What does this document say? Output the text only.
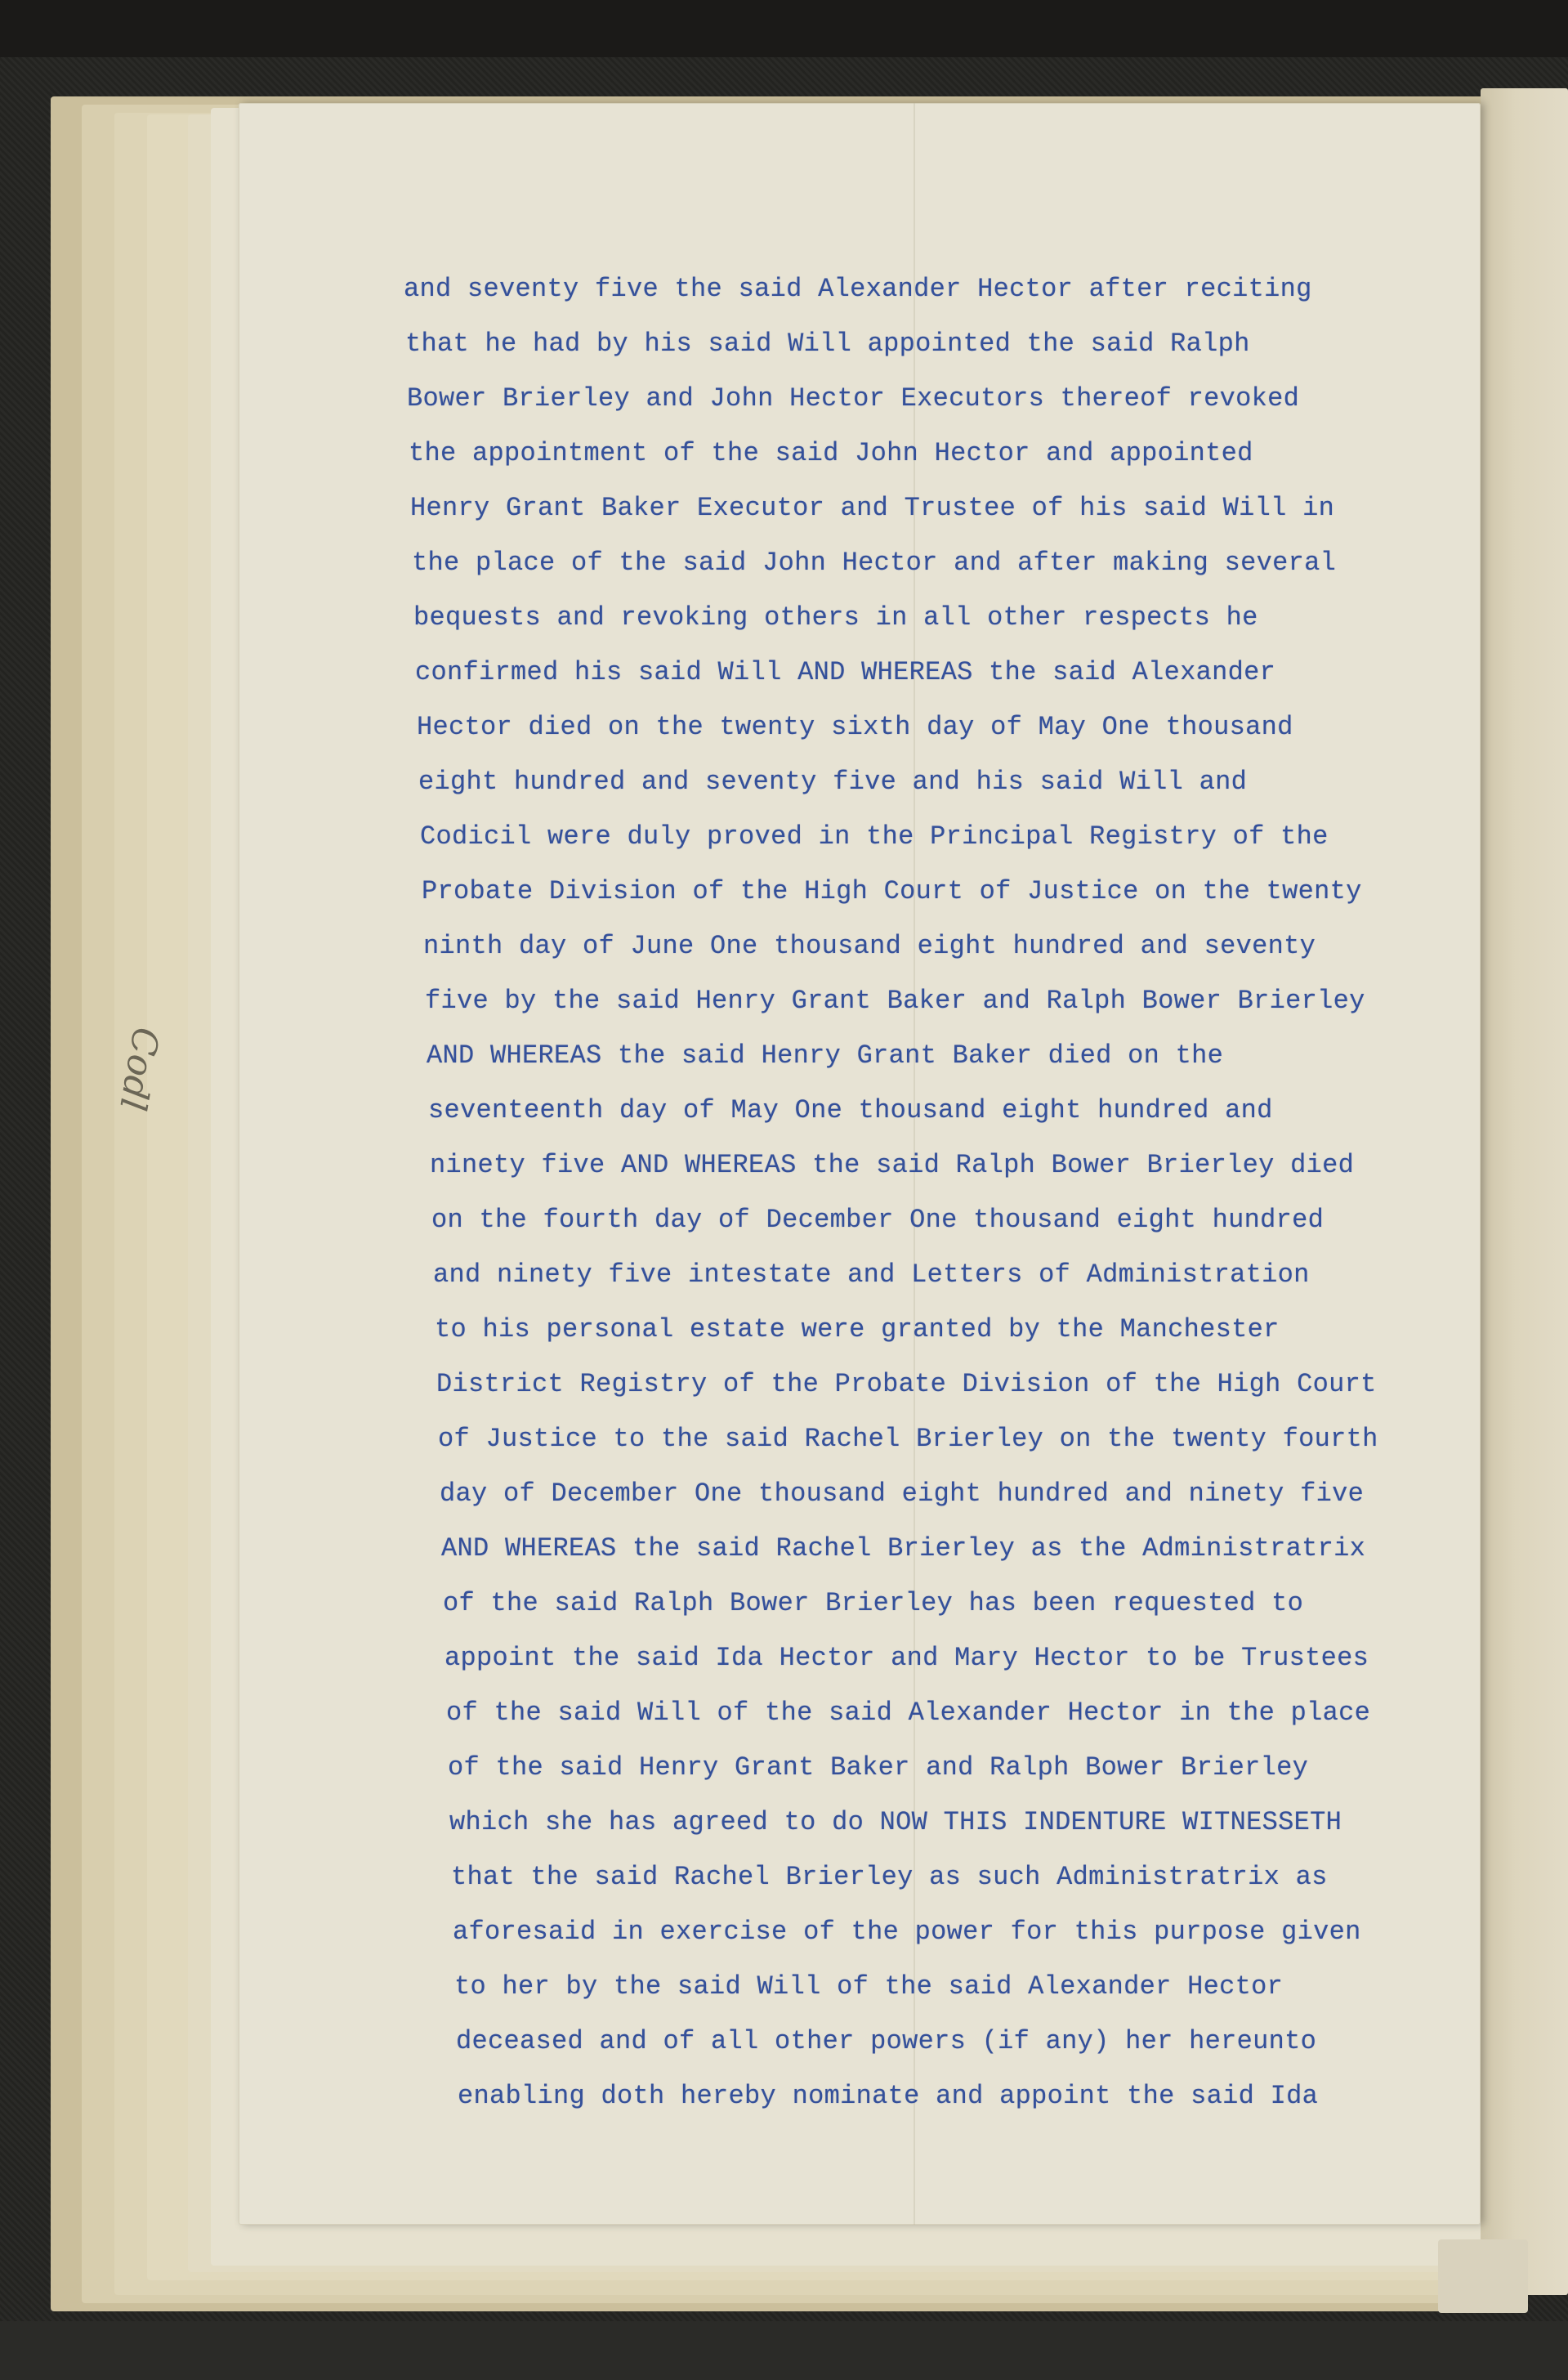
Codl
and seventy five the said Alexander Hector after reciting
that he had by his said Will appointed the said Ralph
Bower Brierley and John Hector Executors thereof revoked
the appointment of the said John Hector and appointed
Henry Grant Baker Executor and Trustee of his said Will in
the place of the said John Hector and after making several
bequests and revoking others in all other respects he
confirmed his said Will AND WHEREAS the said Alexander
Hector died on the twenty sixth day of May One thousand
eight hundred and seventy five and his said Will and
Codicil were duly proved in the Principal Registry of the
Probate Division of the High Court of Justice on the twenty
ninth day of June One thousand eight hundred and seventy
five by the said Henry Grant Baker and Ralph Bower Brierley
AND WHEREAS the said Henry Grant Baker died on the
seventeenth day of May One thousand eight hundred and
ninety five AND WHEREAS the said Ralph Bower Brierley died
on the fourth day of December One thousand eight hundred
and ninety five intestate and Letters of Administration
to his personal estate were granted by the Manchester
District Registry of the Probate Division of the High Court
of Justice to the said Rachel Brierley on the twenty fourth
day of December One thousand eight hundred and ninety five
AND WHEREAS the said Rachel Brierley as the Administratrix
of the said Ralph Bower Brierley has been requested to
appoint the said Ida Hector and Mary Hector to be Trustees
of the said Will of the said Alexander Hector in the place
of the said Henry Grant Baker and Ralph Bower Brierley
which she has agreed to do NOW THIS INDENTURE WITNESSETH
that the said Rachel Brierley as such Administratrix as
aforesaid in exercise of the power for this purpose given
to her by the said Will of the said Alexander Hector
deceased and of all other powers (if any) her hereunto
enabling doth hereby nominate and appoint the said Ida
